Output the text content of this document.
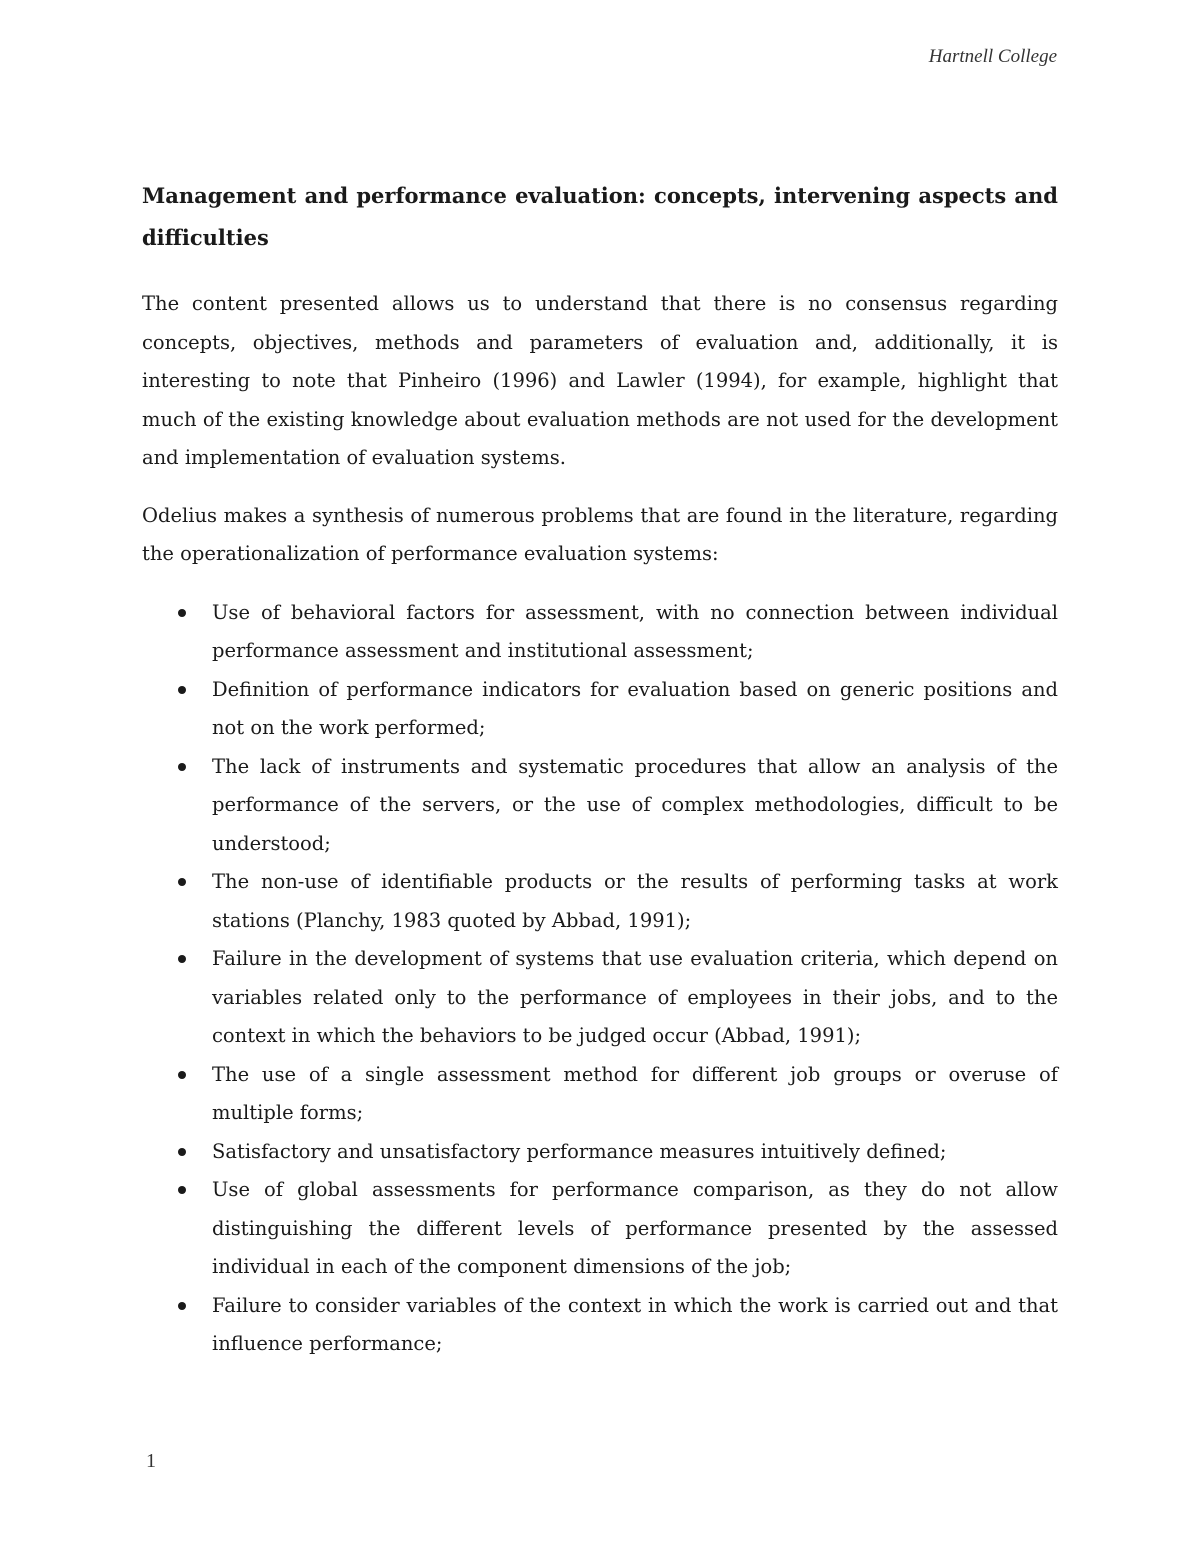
Hartnell College
Management and performance evaluation: concepts, intervening aspects and difficulties

The content presented allows us to understand that there is no consensus regarding concepts, objectives, methods and parameters of evaluation and, additionally, it is interesting to note that Pinheiro (1996) and Lawler (1994), for example, highlight that much of the existing knowledge about evaluation methods are not used for the development and implementation of evaluation systems.

Odelius makes a synthesis of numerous problems that are found in the literature, regarding the operationalization of performance evaluation systems:

Use of behavioral factors for assessment, with no connection between individual performance assessment and institutional assessment;
Definition of performance indicators for evaluation based on generic positions and not on the work performed;
The lack of instruments and systematic procedures that allow an analysis of the performance of the servers, or the use of complex methodologies, difficult to be understood;
The non-use of identifiable products or the results of performing tasks at work stations (Planchy, 1983 quoted by Abbad, 1991);
Failure in the development of systems that use evaluation criteria, which depend on variables related only to the performance of employees in their jobs, and to the context in which the behaviors to be judged occur (Abbad, 1991);
The use of a single assessment method for different job groups or overuse of multiple forms;
Satisfactory and unsatisfactory performance measures intuitively defined;
Use of global assessments for performance comparison, as they do not allow distinguishing the different levels of performance presented by the assessed individual in each of the component dimensions of the job;
Failure to consider variables of the context in which the work is carried out and that influence performance;
1
